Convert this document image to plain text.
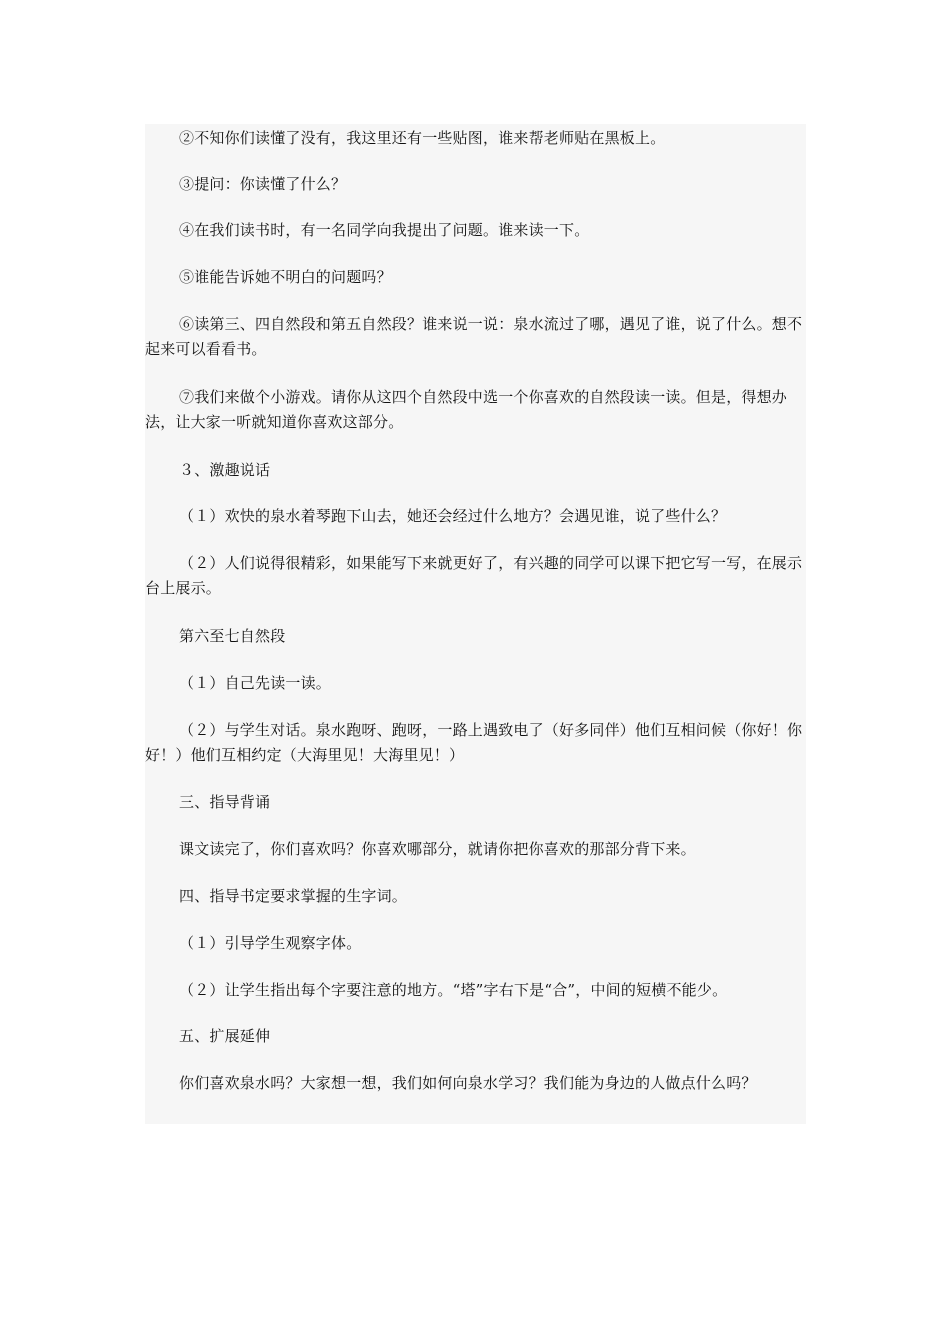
②不知你们读懂了没有，我这里还有一些贴图，谁来帮老师贴在黑板上。

③提问：你读懂了什么？

④在我们读书时，有一名同学向我提出了问题。谁来读一下。

⑤谁能告诉她不明白的问题吗？

⑥读第三、四自然段和第五自然段？谁来说一说：泉水流过了哪，遇见了谁，说了什么。想不起来可以看看书。

⑦我们来做个小游戏。请你从这四个自然段中选一个你喜欢的自然段读一读。但是，得想办法，让大家一听就知道你喜欢这部分。

３、激趣说话

（１）欢快的泉水着琴跑下山去，她还会经过什么地方？会遇见谁，说了些什么？

（２）人们说得很精彩，如果能写下来就更好了，有兴趣的同学可以课下把它写一写，在展示台上展示。

第六至七自然段

（１）自己先读一读。

（２）与学生对话。泉水跑呀、跑呀，一路上遇致电了（好多同伴）他们互相问候（你好！你好！）他们互相约定（大海里见！大海里见！）

三、指导背诵

课文读完了，你们喜欢吗？你喜欢哪部分，就请你把你喜欢的那部分背下来。

四、指导书定要求掌握的生字词。

（１）引导学生观察字体。

（２）让学生指出每个字要注意的地方。“塔”字右下是“合”，中间的短横不能少。

五、扩展延伸

你们喜欢泉水吗？大家想一想，我们如何向泉水学习？我们能为身边的人做点什么吗？
